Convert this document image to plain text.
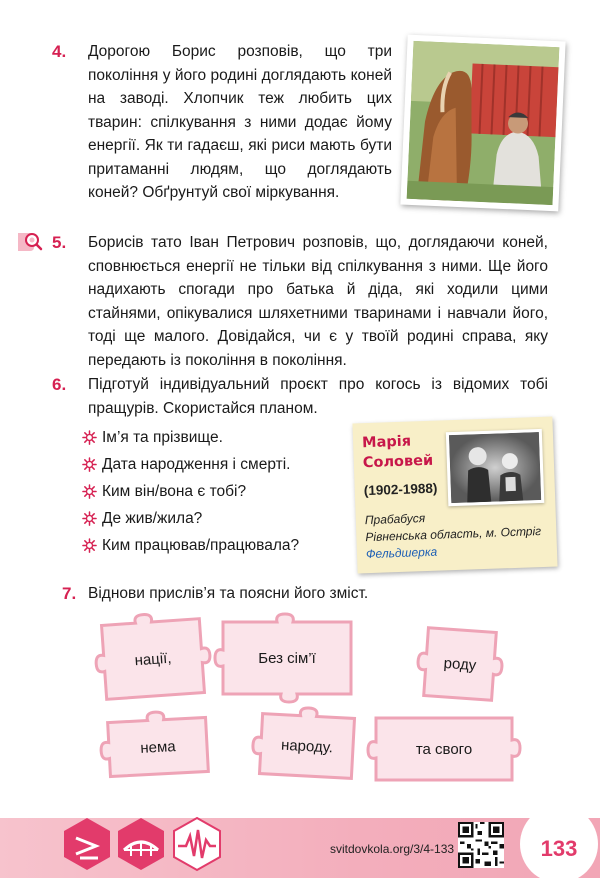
4. Дорогою Борис розповів, що три покоління у його родині доглядають коней на заводі. Хлопчик теж любить цих тварин: спілкування з ними додає йому енергії. Як ти гадаєш, які риси мають бути притаманні людям, що доглядають коней? Обґрунтуй свої міркування.

5. Борисів тато Іван Петрович розповів, що, доглядаючи коней, сповнюється енергії не тільки від спілкування з ними. Ще його надихають спогади про батька й діда, які ходили цими стайнями, опікувалися шляхетними тваринами і навчали його, тоді ще малого. Довідайся, чи є у твоїй родині справа, яку передають із покоління в покоління.

6. Підготуй індивідуальний проєкт про когось із відомих тобі пращурів. Скористайся планом.

Ім’я та прізвище.
Дата народження і смерті.
Ким він/вона є тобі?
Де жив/жила?
Ким працював/працювала?
Марія
Соловей
(1902-1988)
Прабабуся
Рівненська область, м. Остріг
Фельдшерка
7. Віднови прислів’я та поясни його зміст.

нації,	Без сім’ї	роду
нема	народу.	та свого
svitdovkola.org/3/4-133	133
